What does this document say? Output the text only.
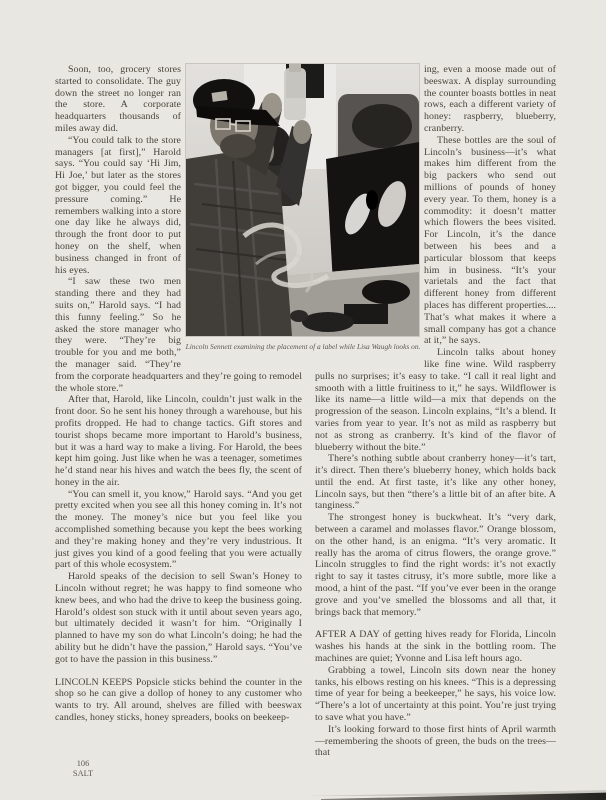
Soon, too, grocery stores started to consolidate. The guy down the street no longer ran the store. A corporate headquarters thousands of miles away did.

“You could talk to the store managers [at first],” Harold says. “You could say ‘Hi Jim, Hi Joe,’ but later as the stores got bigger, you could feel the pressure coming.” He remembers walking into a store one day like he always did, through the front door to put honey on the shelf, when business changed in front of his eyes.

“I saw these two men standing there and they had suits on,” Harold says. “I had this funny feeling.” So he asked the store manager who they were. “They’re big trouble for you and me both,” the manager said. “They’re from the corporate headquarters and they’re going to remodel the whole store.”

After that, Harold, like Lincoln, couldn’t just walk in the front door. So he sent his honey through a warehouse, but his profits dropped. He had to change tactics. Gift stores and tourist shops became more important to Harold’s business, but it was a hard way to make a living. For Harold, the bees kept him going. Just like when he was a teenager, sometimes he’d stand near his hives and watch the bees fly, the scent of honey in the air.

“You can smell it, you know,” Harold says. “And you get pretty excited when you see all this honey coming in. It’s not the money. The money’s nice but you feel like you accomplished something because you kept the bees working and they’re making honey and they’re very industrious. It just gives you kind of a good feeling that you were actually part of this whole ecosystem.”

Harold speaks of the decision to sell Swan’s Honey to Lincoln without regret; he was happy to find someone who knew bees, and who had the drive to keep the business going. Harold’s oldest son stuck with it until about seven years ago, but ultimately decided it wasn’t for him. “Originally I planned to have my son do what Lincoln’s doing; he had the ability but he didn’t have the passion,” Harold says. “You’ve got to have the passion in this business.”

LINCOLN KEEPS Popsicle sticks behind the counter in the shop so he can give a dollop of honey to any customer who wants to try. All around, shelves are filled with beeswax candles, honey sticks, honey spreaders, books on beekeep-

ing, even a moose made out of beeswax. A display surrounding the counter boasts bottles in neat rows, each a different variety of honey: raspberry, blueberry, cranberry.

These bottles are the soul of Lincoln’s business—it’s what makes him different from the big packers who send out millions of pounds of honey every year. To them, honey is a commodity: it doesn’t matter which flowers the bees visited. For Lincoln, it’s the dance between his bees and a particular blossom that keeps him in business. “It’s your varietals and the fact that different honey from different places has different properties.... That’s what makes it where a small company has got a chance at it,” he says.

Lincoln talks about honey like fine wine. Wild raspberry pulls no surprises; it’s easy to take. “I call it real light and smooth with a little fruitiness to it,” he says. Wildflower is like its name—a little wild—a mix that depends on the progression of the season. Lincoln explains, “It’s a blend. It varies from year to year. It’s not as mild as raspberry but not as strong as cranberry. It’s kind of the flavor of blueberry without the bite.”

There’s nothing subtle about cranberry honey—it’s tart, it’s direct. Then there’s blueberry honey, which holds back until the end. At first taste, it’s like any other honey, Lincoln says, but then “there’s a little bit of an after bite. A tanginess.”

The strongest honey is buckwheat. It’s “very dark, between a caramel and molasses flavor.” Orange blossom, on the other hand, is an enigma. “It’s very aromatic. It really has the aroma of citrus flowers, the orange grove.” Lincoln struggles to find the right words: it’s not exactly right to say it tastes citrusy, it’s more subtle, more like a mood, a hint of the past. “If you’ve ever been in the orange grove and you’ve smelled the blossoms and all that, it brings back that memory.”

AFTER A DAY of getting hives ready for Florida, Lincoln washes his hands at the sink in the bottling room. The machines are quiet; Yvonne and Lisa left hours ago.

Grabbing a towel, Lincoln sits down near the honey tanks, his elbows resting on his knees. “This is a depressing time of year for being a beekeeper,” he says, his voice low. “There’s a lot of uncertainty at this point. You’re just trying to save what you have.”

It’s looking forward to those first hints of April warmth—remembering the shoots of green, the buds on the trees—that

Lincoln Sennett examining the placement of a label while Lisa Waugh looks on.
106
SALT
